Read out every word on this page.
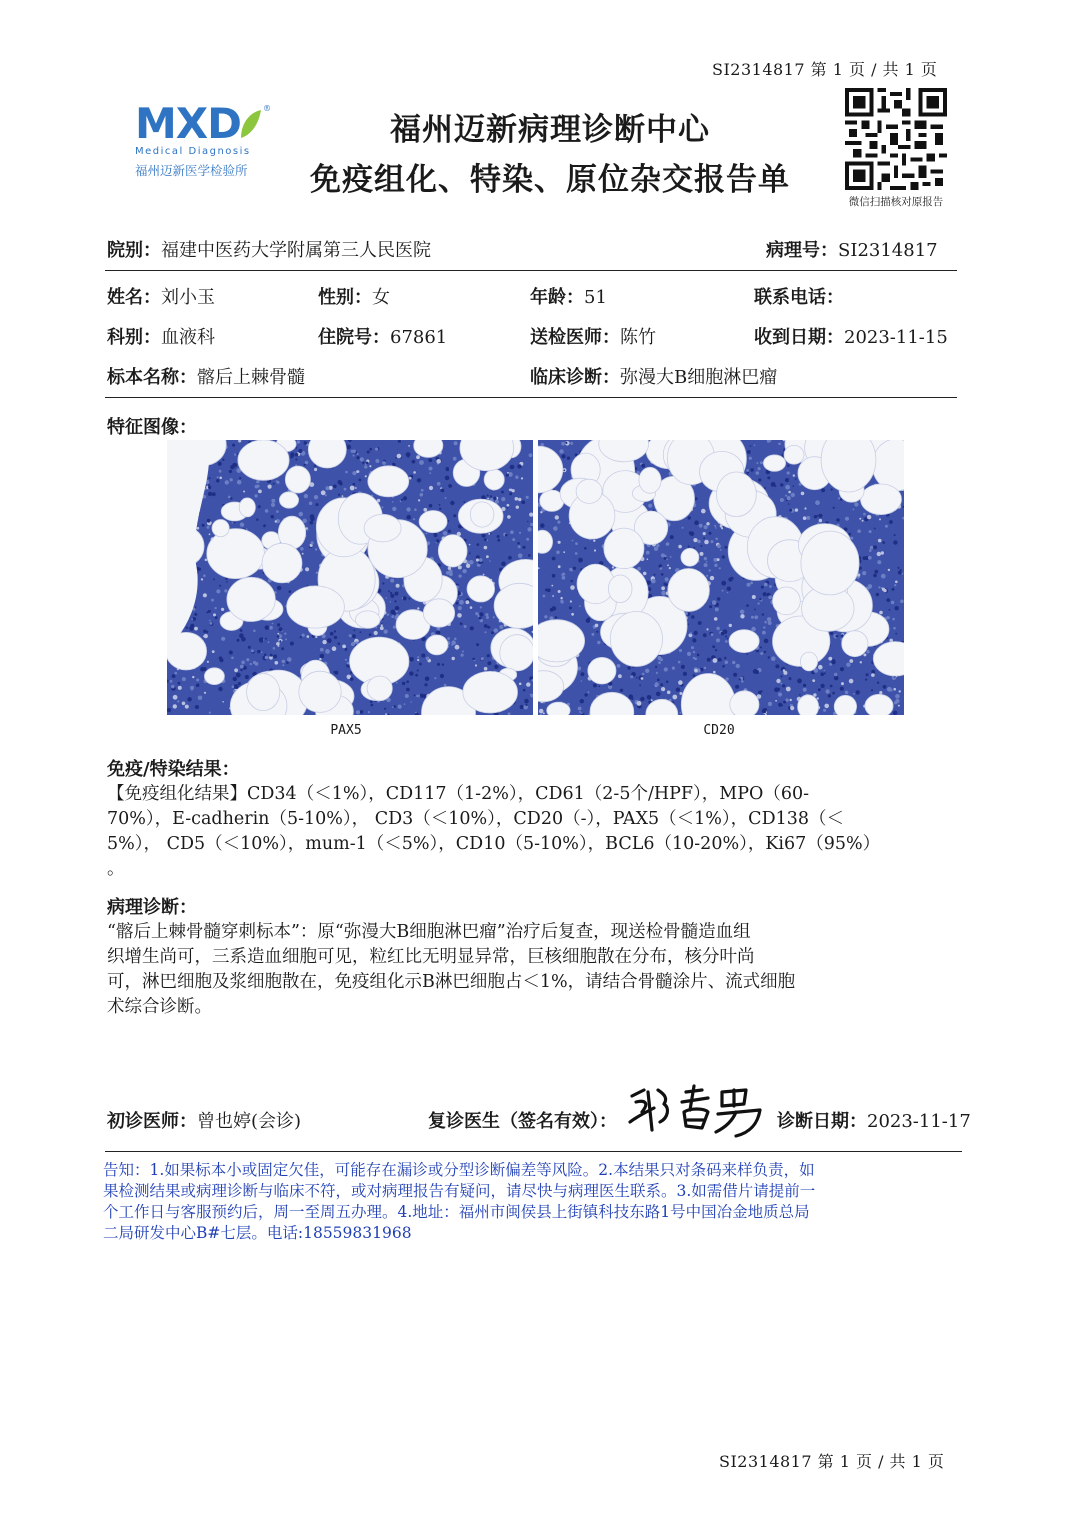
SI2314817 第 1 页 / 共 1 页
MXD	®
Medical Diagnosis
福州迈新医学检验所
福州迈新病理诊断中心
免疫组化、特染、原位杂交报告单
微信扫描核对原报告
院别：福建中医药大学附属第三人民医院	病理号：SI2314817
姓名：刘小玉	性别：女	年龄：51	联系电话：
科别：血液科	住院号：67861	送检医师：陈竹	收到日期：2023-11-15
标本名称：髂后上棘骨髓	临床诊断：弥漫大B细胞淋巴瘤
特征图像：
PAX5	CD20
免疫/特染结果：
【免疫组化结果】CD34（＜1%），CD117（1-2%），CD61（2-5个/HPF），MPO（60-
70%），E-cadherin（5-10%）， CD3（＜10%），CD20（-），PAX5（＜1%），CD138（＜
5%）， CD5（＜10%），mum-1（＜5%），CD10（5-10%），BCL6（10-20%），Ki67（95%）
。
病理诊断：
“髂后上棘骨髓穿刺标本”：原“弥漫大B细胞淋巴瘤”治疗后复查，现送检骨髓造血组
织增生尚可，三系造血细胞可见，粒红比无明显异常，巨核细胞散在分布，核分叶尚
可，淋巴细胞及浆细胞散在，免疫组化示B淋巴细胞占＜1%，请结合骨髓涂片、流式细胞
术综合诊断。
初诊医师：曾也婷(会诊)	复诊医生（签名有效）：	诊断日期：2023-11-17
告知：1.如果标本小或固定欠佳，可能存在漏诊或分型诊断偏差等风险。2.本结果只对条码来样负责，如
果检测结果或病理诊断与临床不符，或对病理报告有疑问，请尽快与病理医生联系。3.如需借片请提前一
个工作日与客服预约后，周一至周五办理。4.地址：福州市闽侯县上街镇科技东路1号中国冶金地质总局
二局研发中心B#七层。电话:18559831968
SI2314817 第 1 页 / 共 1 页
